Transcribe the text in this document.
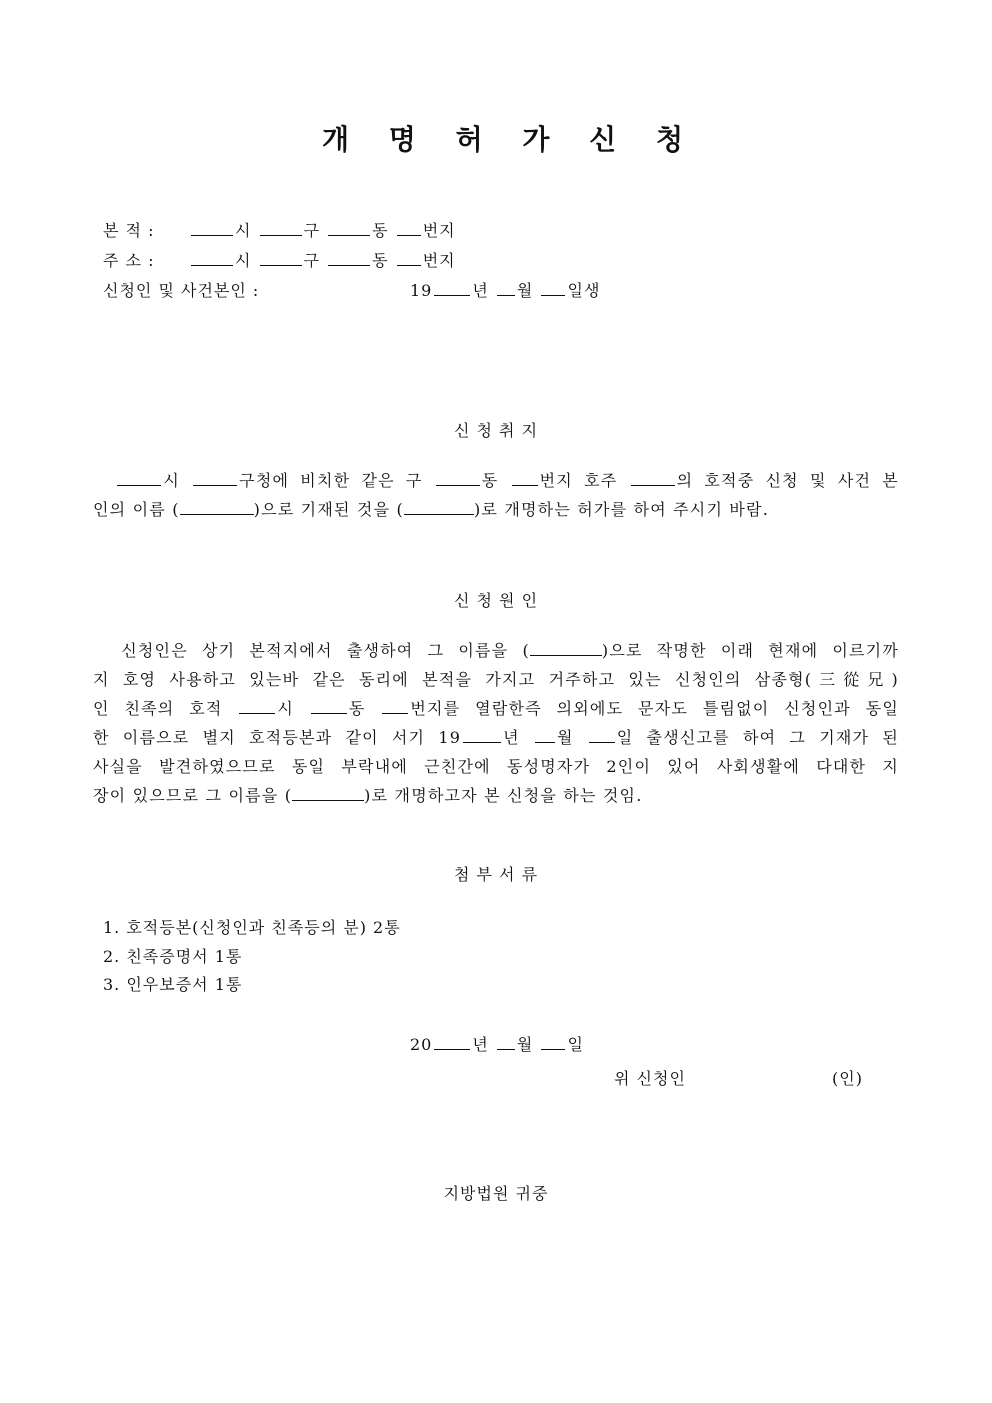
개 명 허 가 신 청
본 적 :	시	구	동 번지
주 소 :	시	구	동 번지
신청인 및 사건본인 :	19	년 월 일생
신 청 취 지
시	구청에 비치한 같은 구	동	번지 호주	의 호적중 신청 및 사건 본
인의 이름 (	)으로 기재된 것을 (	)로 개명하는 허가를 하여 주시기 바람.
신 청 원 인
신청인은 상기 본적지에서 출생하여 그 이름을 (	)으로 작명한 이래 현재에 이르기까
지 호영 사용하고 있는바 같은 동리에 본적을 가지고 거주하고 있는 신청인의 삼종형(三從兄)
인 친족의 호적	시	동	번지를 열람한즉 의외에도 문자도 틀림없이 신청인과 동일
한 이름으로 별지 호적등본과 같이 서기 19	년 월	일 출생신고를 하여 그 기재가 된
사실을 발견하였으므로 동일 부락내에 근친간에 동성명자가 2인이 있어 사회생활에 다대한 지
장이 있으므로 그 이름을 (	)로 개명하고자 본 신청을 하는 것임.
첨 부 서 류
1. 호적등본(신청인과 친족등의 분) 2통
2. 친족증명서 1통
3. 인우보증서 1통
20	년 월 일
위 신청인	(인)
지방법원 귀중
